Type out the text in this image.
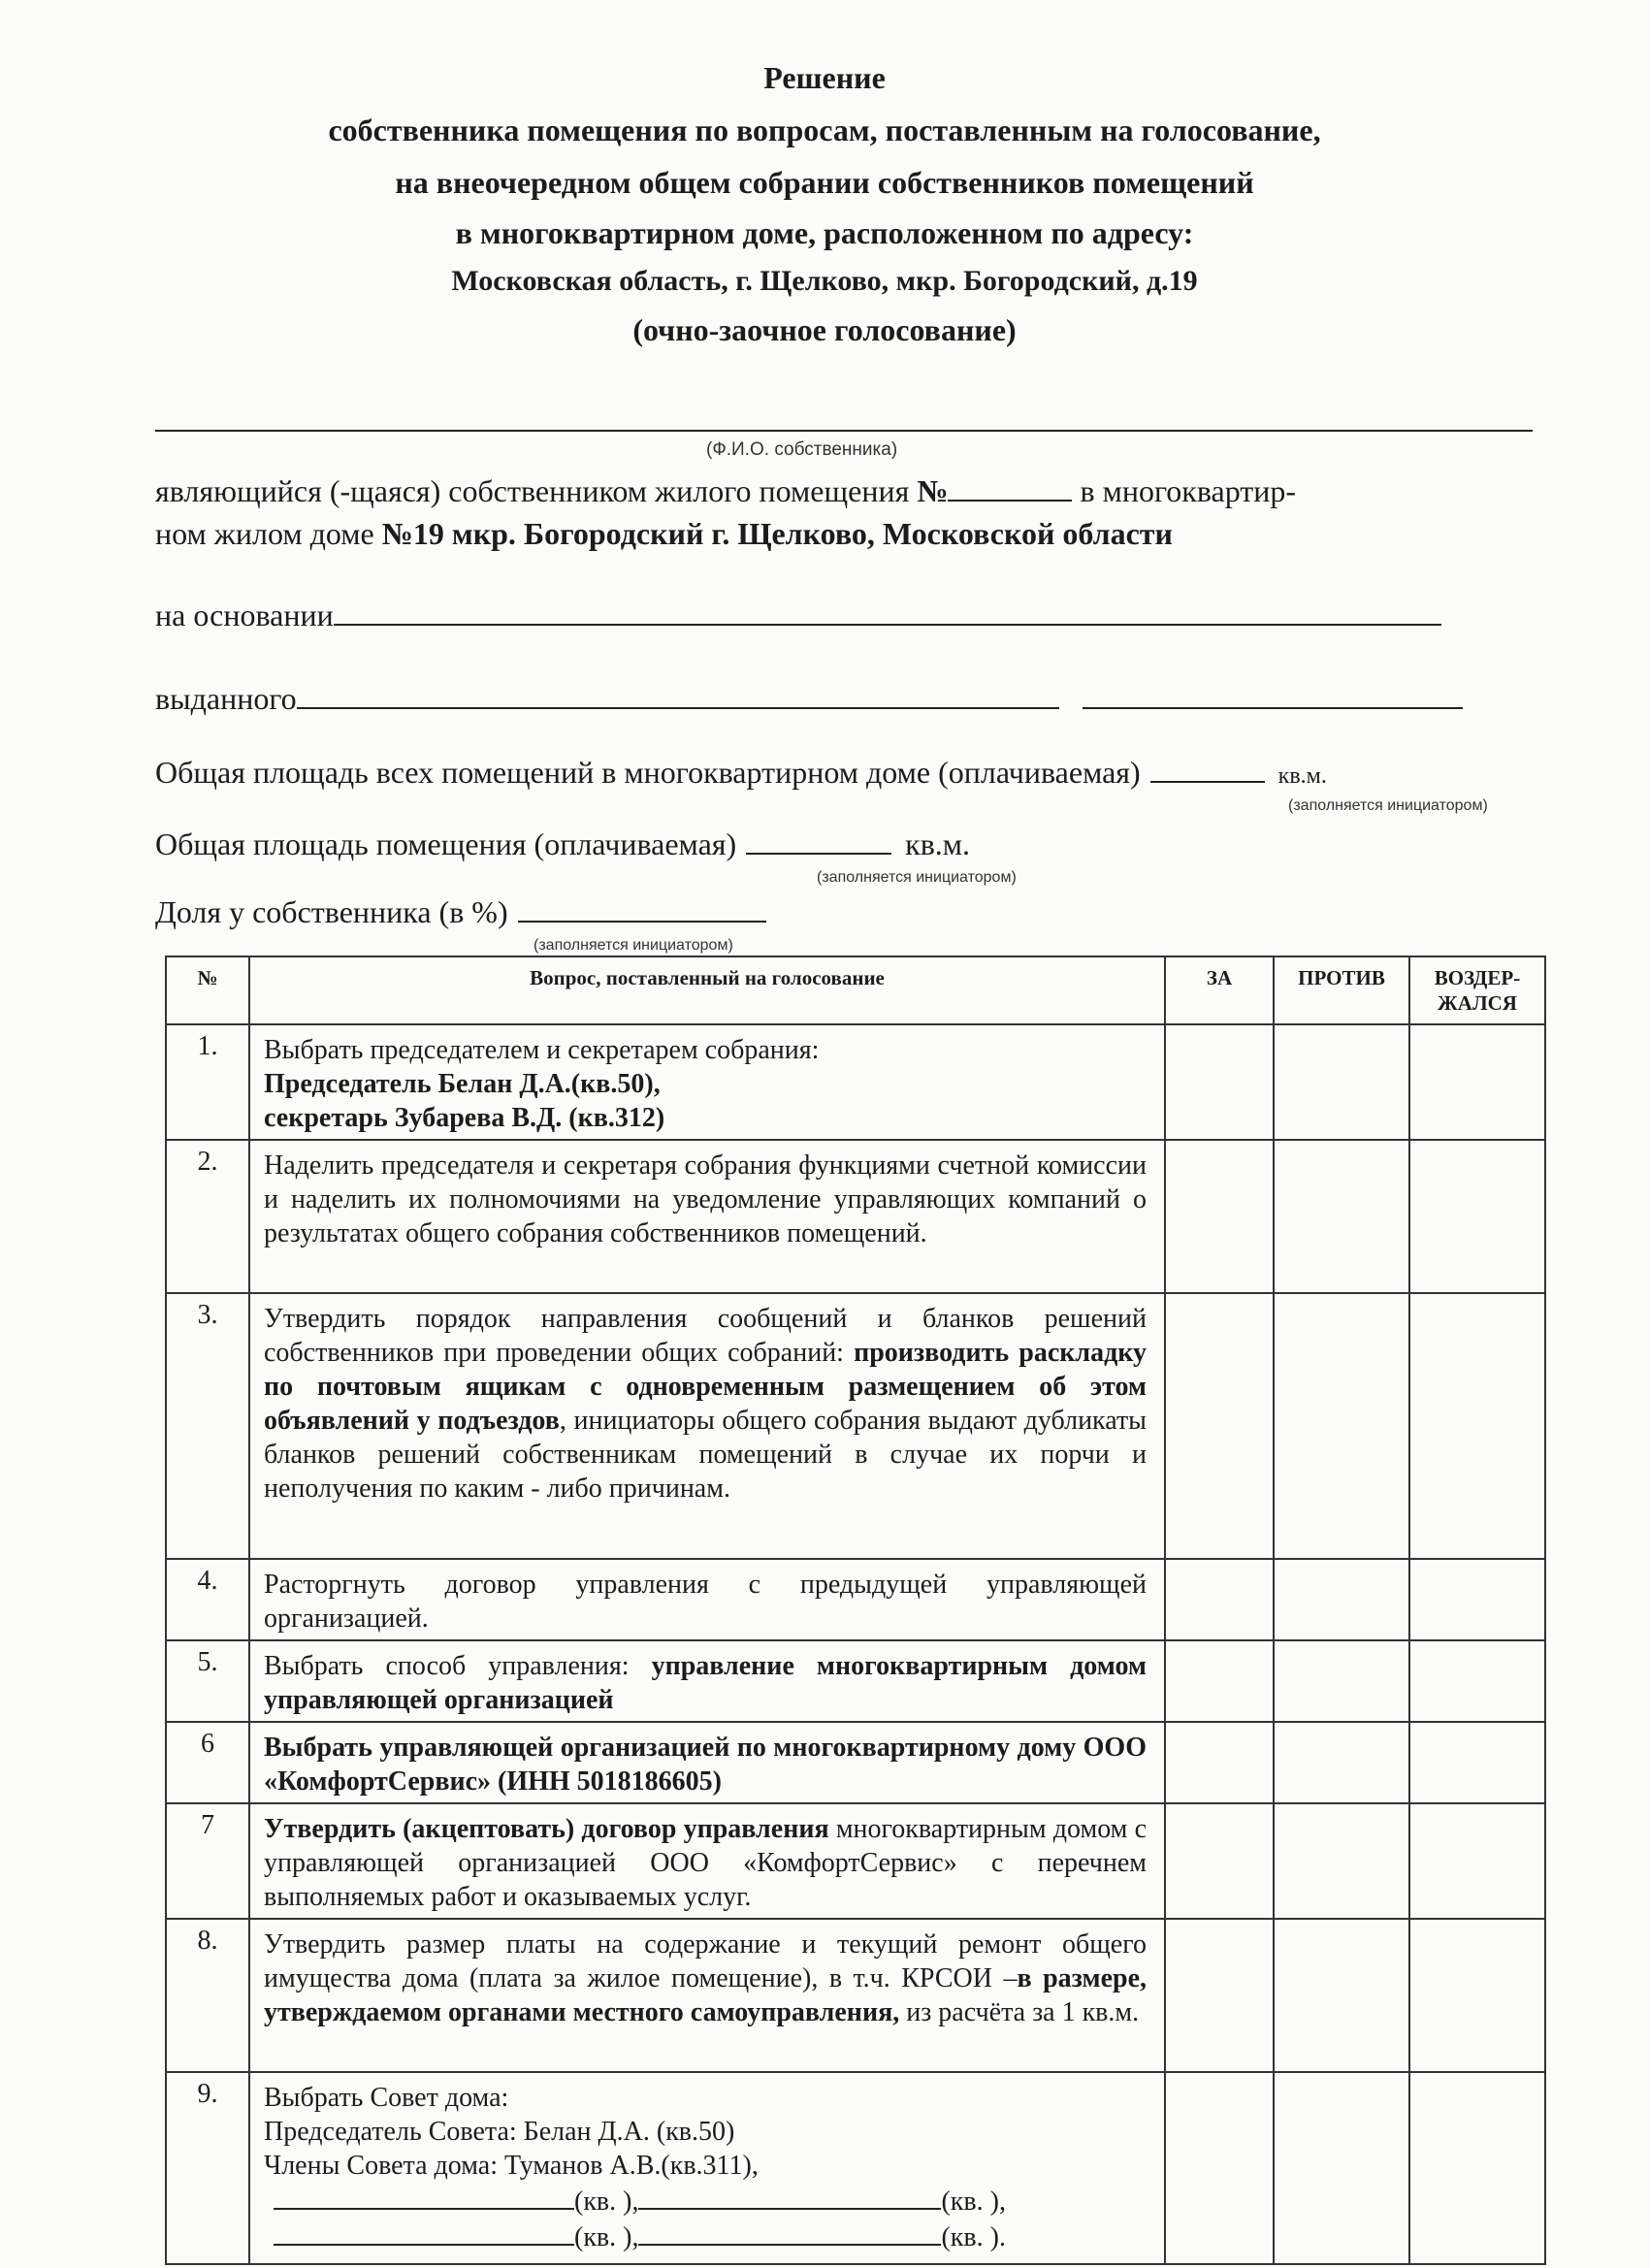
Решение
собственника помещения по вопросам, поставленным на голосование,
на внеочередном общем собрании собственников помещений
в многоквартирном доме, расположенном по адресу:
Московская область, г. Щелково, мкр. Богородский, д.19
(очно-заочное голосование)
(Ф.И.О. собственника)
являющийся (-щаяся) собственником жилого помещения №	в многоквартир-
ном жилом доме №19 мкр. Богородский г. Щелково, Московской области
на основании
выданного
Общая площадь всех помещений в многоквартирном доме (оплачиваемая)	кв.м.
(заполняется инициатором)
Общая площадь помещения (оплачиваемая)	кв.м.
(заполняется инициатором)
Доля у собственника (в %)
(заполняется инициатором)
№	Вопрос, поставленный на голосование	ЗА	ПРОТИВ	ВОЗДЕР-
ЖАЛСЯ
1.	Выбрать председателем и секретарем собрания:
Председатель Белан Д.А.(кв.50),
секретарь Зубарева В.Д. (кв.312)			
2.	Наделить председателя и секретаря собрания функциями счетной комиссии и наделить их полномочиями на уведомление управляющих компаний о результатах общего собрания собственников помещений.			
3.	Утвердить порядок направления сообщений и бланков решений собственников при проведении общих собраний: производить раскладку по почтовым ящикам с одновременным размещением об этом объявлений у подъездов, инициаторы общего собрания выдают дубликаты бланков решений собственникам помещений в случае их порчи и неполучения по каким - либо причинам.			
4.	Расторгнуть договор управления с предыдущей управляющей организацией.			
5.	Выбрать способ управления: управление многоквартирным домом управляющей организацией			
6	Выбрать управляющей организацией по многоквартирному дому ООО «КомфортСервис» (ИНН 5018186605)			
7	Утвердить (акцептовать) договор управления многоквартирным домом с управляющей организацией ООО «КомфортСервис» с перечнем выполняемых работ и оказываемых услуг.			
8.	Утвердить размер платы на содержание и текущий ремонт общего имущества дома (плата за жилое помещение), в т.ч. КРСОИ –в размере, утверждаемом органами местного самоуправления, из расчёта за 1 кв.м.			
9.	Выбрать Совет дома:
Председатель Совета: Белан Д.А. (кв.50)
Члены Совета дома: Туманов А.В.(кв.311),
(кв. ), (кв. ),
(кв. ), (кв. ).			
